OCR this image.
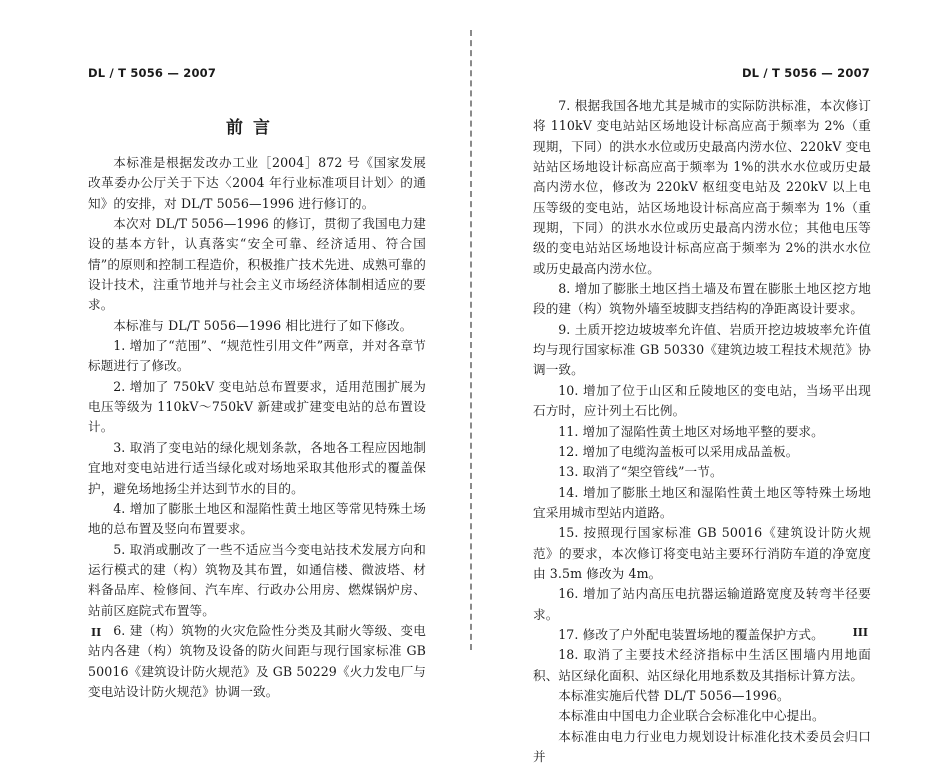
DL / T 5056 — 2007	DL / T 5056 — 2007
前 言

本标准是根据发改办工业［2004］872 号《国家发展改革委办公厅关于下达〈2004 年行业标准项目计划〉的通知》的安排，对 DL/T 5056—1996 进行修订的。

本次对 DL/T 5056—1996 的修订，贯彻了我国电力建设的基本方针，认真落实“安全可靠、经济适用、符合国情”的原则和控制工程造价，积极推广技术先进、成熟可靠的设计技术，注重节地并与社会主义市场经济体制相适应的要求。

本标准与 DL/T 5056—1996 相比进行了如下修改。

1. 增加了“范围”、“规范性引用文件”两章，并对各章节标题进行了修改。

2. 增加了 750kV 变电站总布置要求，适用范围扩展为电压等级为 110kV～750kV 新建或扩建变电站的总布置设计。

3. 取消了变电站的绿化规划条款，各地各工程应因地制宜地对变电站进行适当绿化或对场地采取其他形式的覆盖保护，避免场地扬尘并达到节水的目的。

4. 增加了膨胀土地区和湿陷性黄土地区等常见特殊土场地的总布置及竖向布置要求。

5. 取消或删改了一些不适应当今变电站技术发展方向和运行模式的建（构）筑物及其布置，如通信楼、微波塔、材料备品库、检修间、汽车库、行政办公用房、燃煤锅炉房、站前区庭院式布置等。

6. 建（构）筑物的火灾危险性分类及其耐火等级、变电站内各建（构）筑物及设备的防火间距与现行国家标准 GB 50016《建筑设计防火规范》及 GB 50229《火力发电厂与变电站设计防火规范》协调一致。

7. 根据我国各地尤其是城市的实际防洪标准，本次修订将 110kV 变电站站区场地设计标高应高于频率为 2%（重现期，下同）的洪水水位或历史最高内涝水位、220kV 变电站站区场地设计标高应高于频率为 1%的洪水水位或历史最高内涝水位，修改为 220kV 枢纽变电站及 220kV 以上电压等级的变电站，站区场地设计标高应高于频率为 1%（重现期，下同）的洪水水位或历史最高内涝水位；其他电压等级的变电站站区场地设计标高应高于频率为 2%的洪水水位或历史最高内涝水位。

8. 增加了膨胀土地区挡土墙及布置在膨胀土地区挖方地段的建（构）筑物外墙至坡脚支挡结构的净距离设计要求。

9. 土质开挖边坡坡率允许值、岩质开挖边坡坡率允许值均与现行国家标准 GB 50330《建筑边坡工程技术规范》协调一致。

10. 增加了位于山区和丘陵地区的变电站，当场平出现石方时，应计列土石比例。

11. 增加了湿陷性黄土地区对场地平整的要求。

12. 增加了电缆沟盖板可以采用成品盖板。

13. 取消了“架空管线”一节。

14. 增加了膨胀土地区和湿陷性黄土地区等特殊土场地宜采用城市型站内道路。

15. 按照现行国家标准 GB 50016《建筑设计防火规范》的要求，本次修订将变电站主要环行消防车道的净宽度由 3.5m 修改为 4m。

16. 增加了站内高压电抗器运输道路宽度及转弯半径要求。

17. 修改了户外配电装置场地的覆盖保护方式。

18. 取消了主要技术经济指标中生活区围墙内用地面积、站区绿化面积、站区绿化用地系数及其指标计算方法。

本标准实施后代替 DL/T 5056—1996。

本标准由中国电力企业联合会标准化中心提出。

本标准由电力行业电力规划设计标准化技术委员会归口并

II	III
